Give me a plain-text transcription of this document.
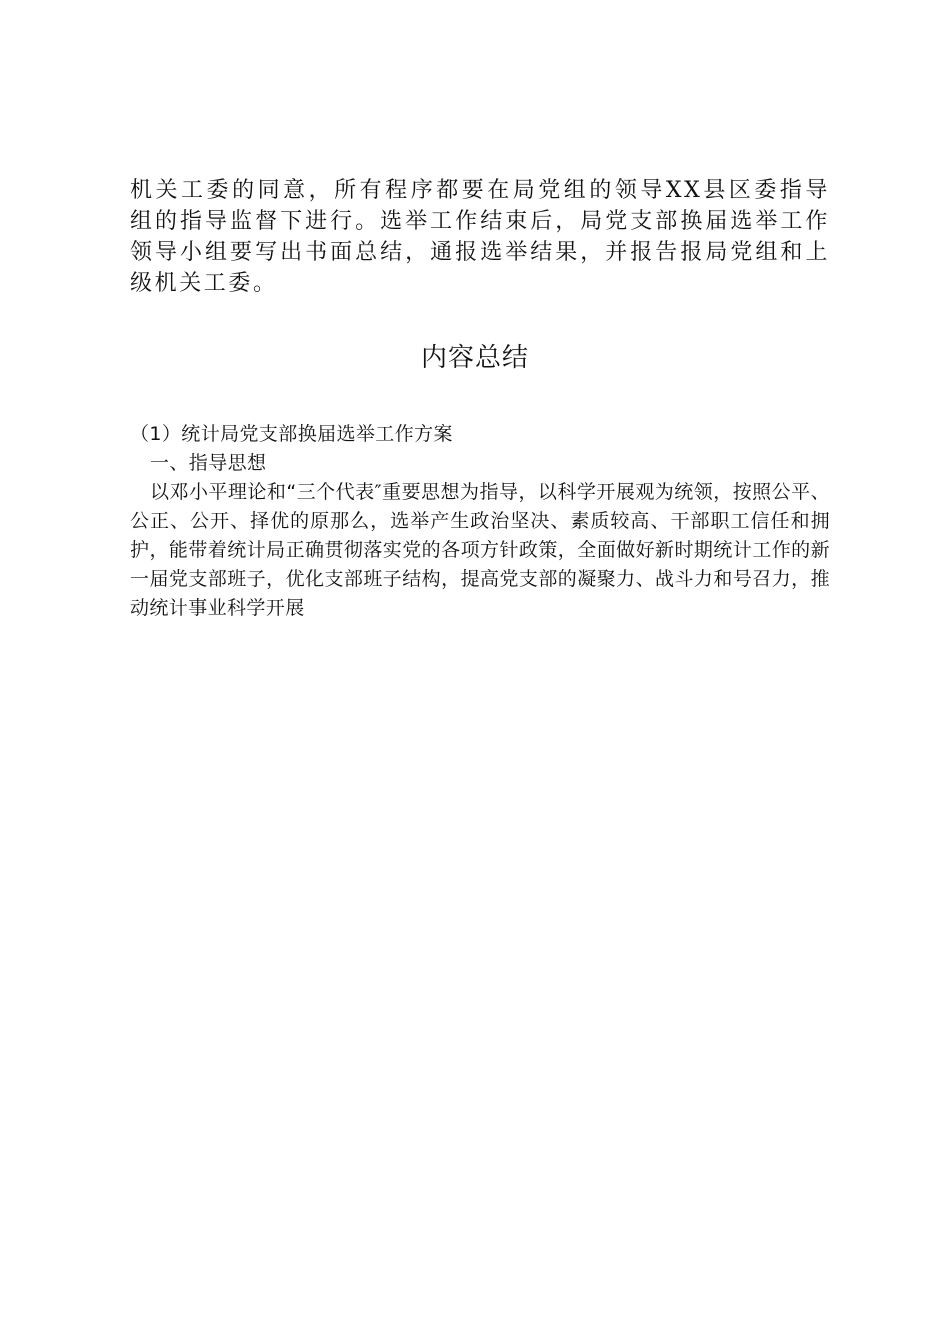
机关工委的同意，所有程序都要在局党组的领导XX县区委指导组的指导监督下进行。选举工作结束后，局党支部换届选举工作领导小组要写出书面总结，通报选举结果，并报告报局党组和上级机关工委。

内容总结

（1）统计局党支部换届选举工作方案

一、指导思想

以邓小平理论和“三个代表″重要思想为指导，以科学开展观为统领，按照公平、公正、公开、择优的原那么，选举产生政治坚决、素质较高、干部职工信任和拥护，能带着统计局正确贯彻落实党的各项方针政策，全面做好新时期统计工作的新一届党支部班子，优化支部班子结构，提高党支部的凝聚力、战斗力和号召力，推动统计事业科学开展
